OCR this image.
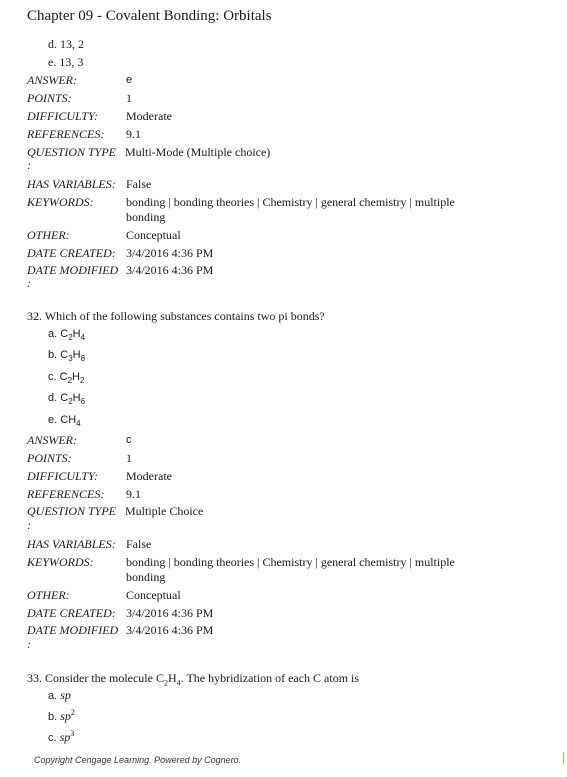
Chapter 09 - Covalent Bonding: Orbitals
d. 13, 2
e. 13, 3
ANSWER:	e
POINTS:	1
DIFFICULTY: Moderate
REFERENCES: 9.1
QUESTION TYPE Multi-Mode (Multiple choice)
:
HAS VARIABLES: False
KEYWORDS:	bonding | bonding theories | Chemistry | general chemistry | multiple
bonding
OTHER:	Conceptual
DATE CREATED: 3/4/2016 4:36 PM
DATE MODIFIED 3/4/2016 4:36 PM
:
32. Which of the following substances contains two pi bonds?
a. $C_2H_4$
b. $C_3H_8$
c. $C_2H_2$
d. $C_2H_6$
e. $CH_4$
ANSWER:	c
POINTS:	1
DIFFICULTY: Moderate
REFERENCES: 9.1
QUESTION TYPE Multiple Choice
:
HAS VARIABLES: False
KEYWORDS:	bonding | bonding theories | Chemistry | general chemistry | multiple
bonding
OTHER:	Conceptual
DATE CREATED: 3/4/2016 4:36 PM
DATE MODIFIED 3/4/2016 4:36 PM
:
33. Consider the molecule $C_2H_4$. The hybridization of each C atom is
a. sp
b. $sp^2$
c. $sp^3$
Copyright Cengage Learning. Powered by Cognero.
